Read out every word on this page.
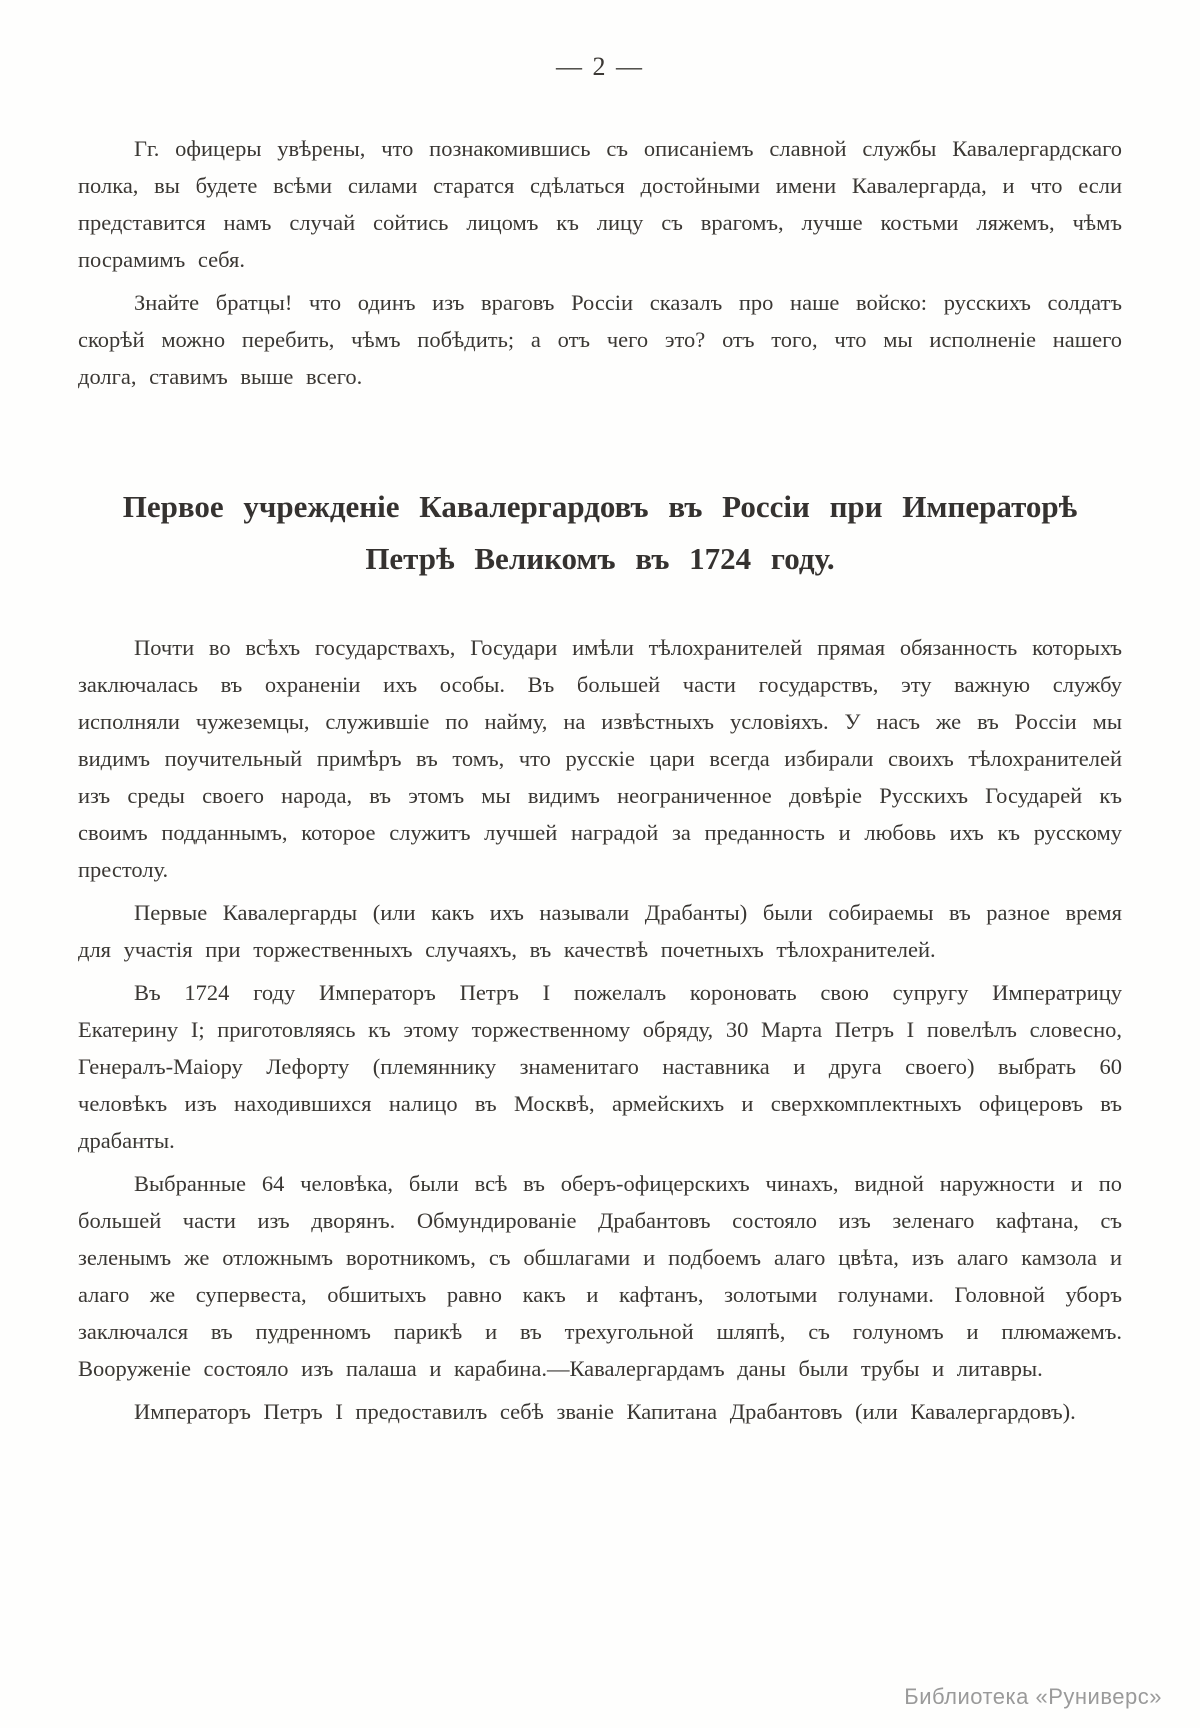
— 2 —

Гг. офицеры увѣрены, что познакомившись съ описаніемъ славной службы Кавалергардскаго полка, вы будете всѣми силами старатся сдѣлаться достойными имени Кавалергарда, и что если представится намъ случай сойтись лицомъ къ лицу съ врагомъ, лучше костьми ляжемъ, чѣмъ посрамимъ себя.

Знайте братцы! что одинъ изъ враговъ Россіи сказалъ про наше войско: русскихъ солдатъ скорѣй можно перебить, чѣмъ побѣдить; а отъ чего это? отъ того, что мы исполненіе нашего долга, ставимъ выше всего.

Первое учрежденіе Кавалергардовъ въ Россіи при Императорѣ Петрѣ Великомъ въ 1724 году.

Почти во всѣхъ государствахъ, Государи имѣли тѣлохранителей прямая обязанность которыхъ заключалась въ охраненіи ихъ особы. Въ большей части государствъ, эту важную службу исполняли чужеземцы, служившіе по найму, на извѣстныхъ условіяхъ. У насъ же въ Россіи мы видимъ поучительный примѣръ въ томъ, что русскіе цари всегда избирали своихъ тѣлохранителей изъ среды своего народа, въ этомъ мы видимъ неограниченное довѣріе Русскихъ Государей къ своимъ подданнымъ, которое служитъ лучшей наградой за преданность и любовь ихъ къ русскому престолу.

Первые Кавалергарды (или какъ ихъ называли Драбанты) были собираемы въ разное время для участія при торжественныхъ случаяхъ, въ качествѣ почетныхъ тѣлохранителей.

Въ 1724 году Императоръ Петръ I пожелалъ короновать свою супругу Императрицу Екатерину I; приготовляясь къ этому торжественному обряду, 30 Марта Петръ I повелѣлъ словесно, Генералъ-Маіору Лефорту (племяннику знаменитаго наставника и друга своего) выбрать 60 человѣкъ изъ находившихся налицо въ Москвѣ, армейскихъ и сверхкомплектныхъ офицеровъ въ драбанты.

Выбранные 64 человѣка, были всѣ въ оберъ-офицерскихъ чинахъ, видной наружности и по большей части изъ дворянъ. Обмундированіе Драбантовъ состояло изъ зеленаго кафтана, съ зеленымъ же отложнымъ воротникомъ, съ обшлагами и подбоемъ алаго цвѣта, изъ алаго камзола и алаго же супервеста, обшитыхъ равно какъ и кафтанъ, золотыми голунами. Головной уборъ заключался въ пудренномъ парикѣ и въ трехугольной шляпѣ, съ голуномъ и плюмажемъ. Вооруженіе состояло изъ палаша и карабина.—Кавалергардамъ даны были трубы и литавры.

Императоръ Петръ I предоставилъ себѣ званіе Капитана Драбантовъ (или Кавалергардовъ).

Библиотека «Руниверс»
